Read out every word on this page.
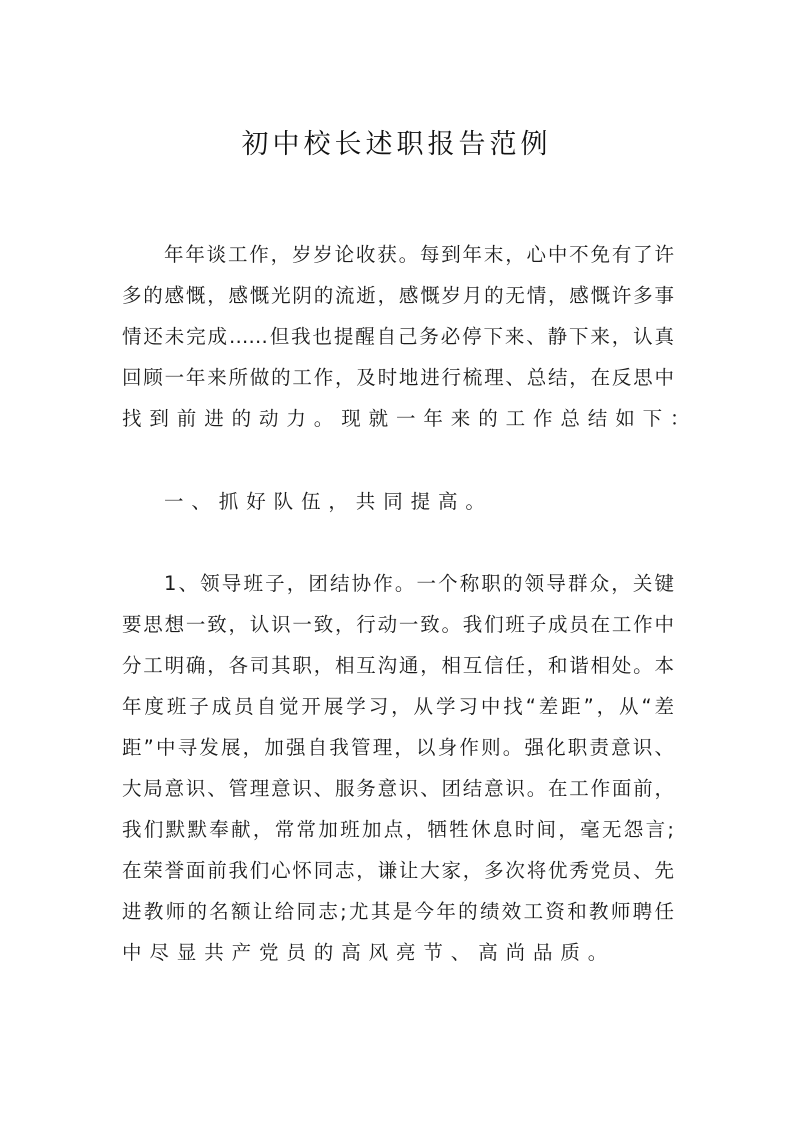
初中校长述职报告范例
年年谈工作，岁岁论收获。每到年末，心中不免有了许
多的感慨，感慨光阴的流逝，感慨岁月的无情，感慨许多事
情还未完成……但我也提醒自己务必停下来、静下来，认真
回顾一年来所做的工作，及时地进行梳理、总结，在反思中
找到前进的动力。现就一年来的工作总结如下：
一、抓好队伍，共同提高。
1、领导班子，团结协作。一个称职的领导群众，关键
要思想一致，认识一致，行动一致。我们班子成员在工作中
分工明确，各司其职，相互沟通，相互信任，和谐相处。本
年度班子成员自觉开展学习，从学习中找“差距”，从“差
距”中寻发展，加强自我管理，以身作则。强化职责意识、
大局意识、管理意识、服务意识、团结意识。在工作面前，
我们默默奉献，常常加班加点，牺牲休息时间，毫无怨言;
在荣誉面前我们心怀同志，谦让大家，多次将优秀党员、先
进教师的名额让给同志;尤其是今年的绩效工资和教师聘任
中尽显共产党员的高风亮节、高尚品质。
